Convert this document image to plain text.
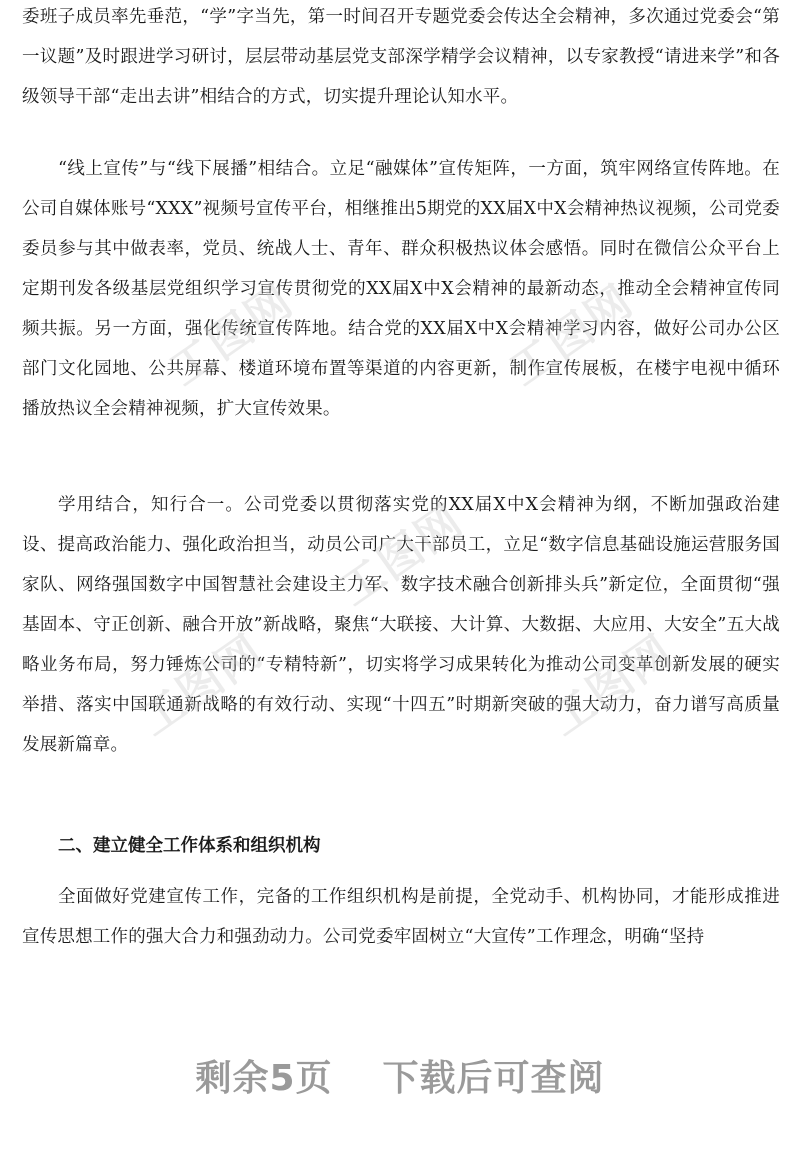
委班子成员率先垂范，“学”字当先，第一时间召开专题党委会传达全会精神，多次通过党委会“第一议题”及时跟进学习研讨，层层带动基层党支部深学精学会议精神，以专家教授“请进来学”和各级领导干部“走出去讲”相结合的方式，切实提升理论认知水平。

“线上宣传”与“线下展播”相结合。立足“融媒体”宣传矩阵，一方面，筑牢网络宣传阵地。在公司自媒体账号“XXX”视频号宣传平台，相继推出5期党的XX届X中X会精神热议视频，公司党委委员参与其中做表率，党员、统战人士、青年、群众积极热议体会感悟。同时在微信公众平台上定期刊发各级基层党组织学习宣传贯彻党的XX届X中X会精神的最新动态，推动全会精神宣传同频共振。另一方面，强化传统宣传阵地。结合党的XX届X中X会精神学习内容，做好公司办公区部门文化园地、公共屏幕、楼道环境布置等渠道的内容更新，制作宣传展板，在楼宇电视中循环播放热议全会精神视频，扩大宣传效果。

学用结合，知行合一。公司党委以贯彻落实党的XX届X中X会精神为纲，不断加强政治建设、提高政治能力、强化政治担当，动员公司广大干部员工，立足“数字信息基础设施运营服务国家队、网络强国数字中国智慧社会建设主力军、数字技术融合创新排头兵”新定位，全面贯彻“强基固本、守正创新、融合开放”新战略，聚焦“大联接、大计算、大数据、大应用、大安全”五大战略业务布局，努力锤炼公司的“专精特新”，切实将学习成果转化为推动公司变革创新发展的硬实举措、落实中国联通新战略的有效行动、实现“十四五”时期新突破的强大动力，奋力谱写高质量发展新篇章。

二、建立健全工作体系和组织机构

全面做好党建宣传工作，完备的工作组织机构是前提，全党动手、机构协同，才能形成推进宣传思想工作的强大合力和强劲动力。公司党委牢固树立“大宣传”工作理念，明确“坚持

工图网	工图网
工图网
工图网	工图网
剩余5页 下载后可查阅
